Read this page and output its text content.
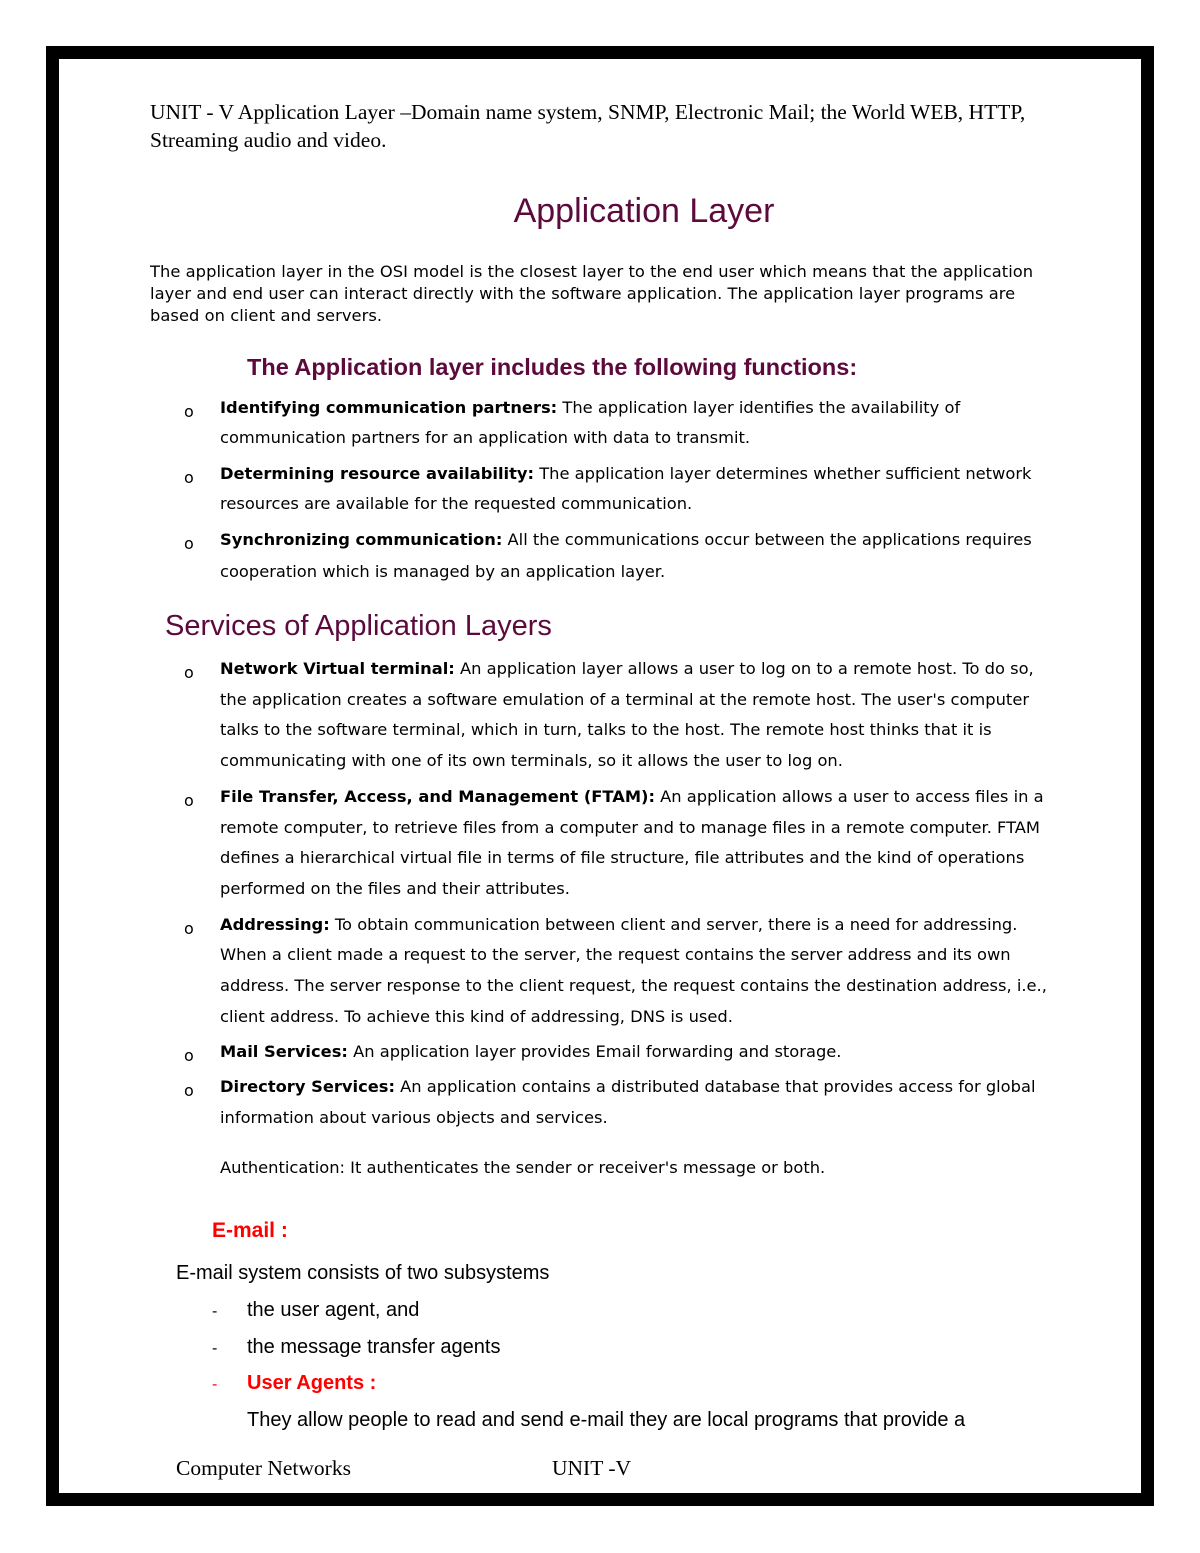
UNIT - V Application Layer –Domain name system, SNMP, Electronic Mail; the World WEB, HTTP,
Streaming audio and video.
Application Layer
The application layer in the OSI model is the closest layer to the end user which means that the application
layer and end user can interact directly with the software application. The application layer programs are
based on client and servers.
The Application layer includes the following functions:
o Identifying communication partners: The application layer identifies the availability of
communication partners for an application with data to transmit.
o Determining resource availability: The application layer determines whether sufficient network
resources are available for the requested communication.
o Synchronizing communication: All the communications occur between the applications requires
cooperation which is managed by an application layer.
Services of Application Layers
o Network Virtual terminal: An application layer allows a user to log on to a remote host. To do so,
the application creates a software emulation of a terminal at the remote host. The user's computer
talks to the software terminal, which in turn, talks to the host. The remote host thinks that it is
communicating with one of its own terminals, so it allows the user to log on.
o File Transfer, Access, and Management (FTAM): An application allows a user to access files in a
remote computer, to retrieve files from a computer and to manage files in a remote computer. FTAM
defines a hierarchical virtual file in terms of file structure, file attributes and the kind of operations
performed on the files and their attributes.
o Addressing: To obtain communication between client and server, there is a need for addressing.
When a client made a request to the server, the request contains the server address and its own
address. The server response to the client request, the request contains the destination address, i.e.,
client address. To achieve this kind of addressing, DNS is used.
o Mail Services: An application layer provides Email forwarding and storage.
o Directory Services: An application contains a distributed database that provides access for global
information about various objects and services.
Authentication: It authenticates the sender or receiver's message or both.
E-mail :
E-mail system consists of two subsystems
- the user agent, and
- the message transfer agents
- User Agents :
They allow people to read and send e-mail they are local programs that provide a
Computer Networks	UNIT -V
